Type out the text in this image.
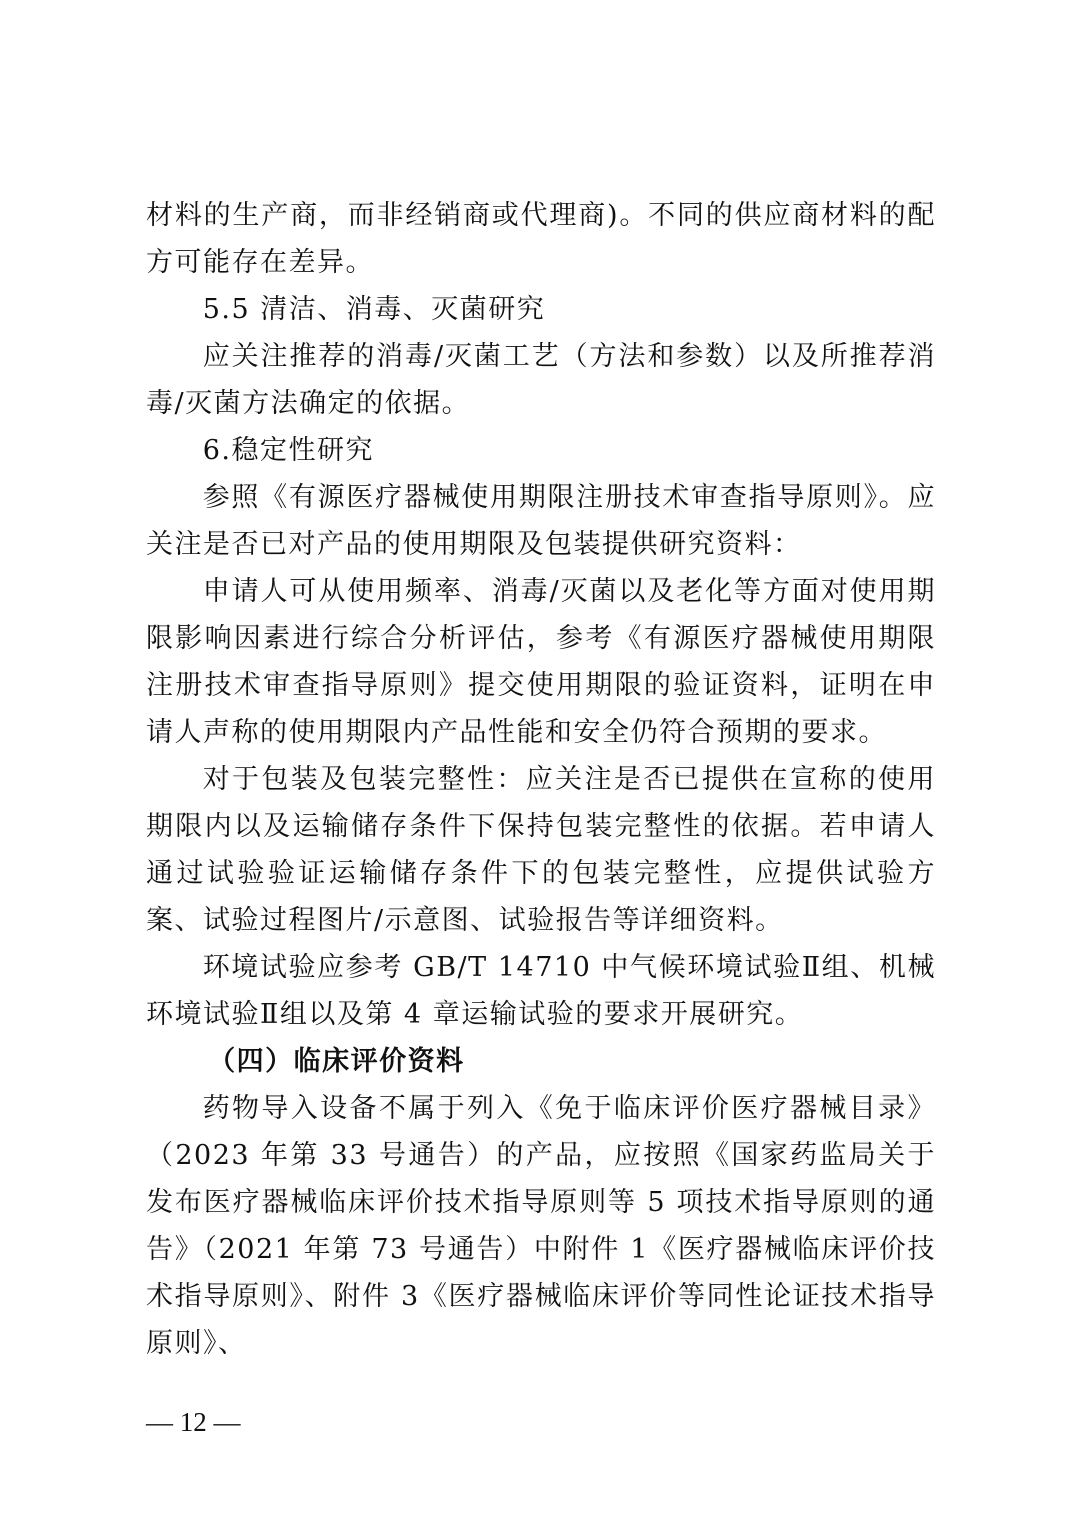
材料的生产商，而非经销商或代理商)。不同的供应商材料的配方可能存在差异。

5.5 清洁、消毒、灭菌研究

应关注推荐的消毒/灭菌工艺（方法和参数）以及所推荐消毒/灭菌方法确定的依据。

6.稳定性研究

参照《有源医疗器械使用期限注册技术审查指导原则》。应关注是否已对产品的使用期限及包装提供研究资料：

申请人可从使用频率、消毒/灭菌以及老化等方面对使用期限影响因素进行综合分析评估，参考《有源医疗器械使用期限注册技术审查指导原则》提交使用期限的验证资料，证明在申请人声称的使用期限内产品性能和安全仍符合预期的要求。

对于包装及包装完整性：应关注是否已提供在宣称的使用期限内以及运输储存条件下保持包装完整性的依据。若申请人通过试验验证运输储存条件下的包装完整性，应提供试验方案、试验过程图片/示意图、试验报告等详细资料。

环境试验应参考 GB/T 14710 中气候环境试验Ⅱ组、机械环境试验Ⅱ组以及第 4 章运输试验的要求开展研究。

（四）临床评价资料

药物导入设备不属于列入《免于临床评价医疗器械目录》（2023 年第 33 号通告）的产品，应按照《国家药监局关于发布医疗器械临床评价技术指导原则等 5 项技术指导原则的通告》（2021 年第 73 号通告）中附件 1《医疗器械临床评价技术指导原则》、附件 3《医疗器械临床评价等同性论证技术指导原则》、

— 12 —
